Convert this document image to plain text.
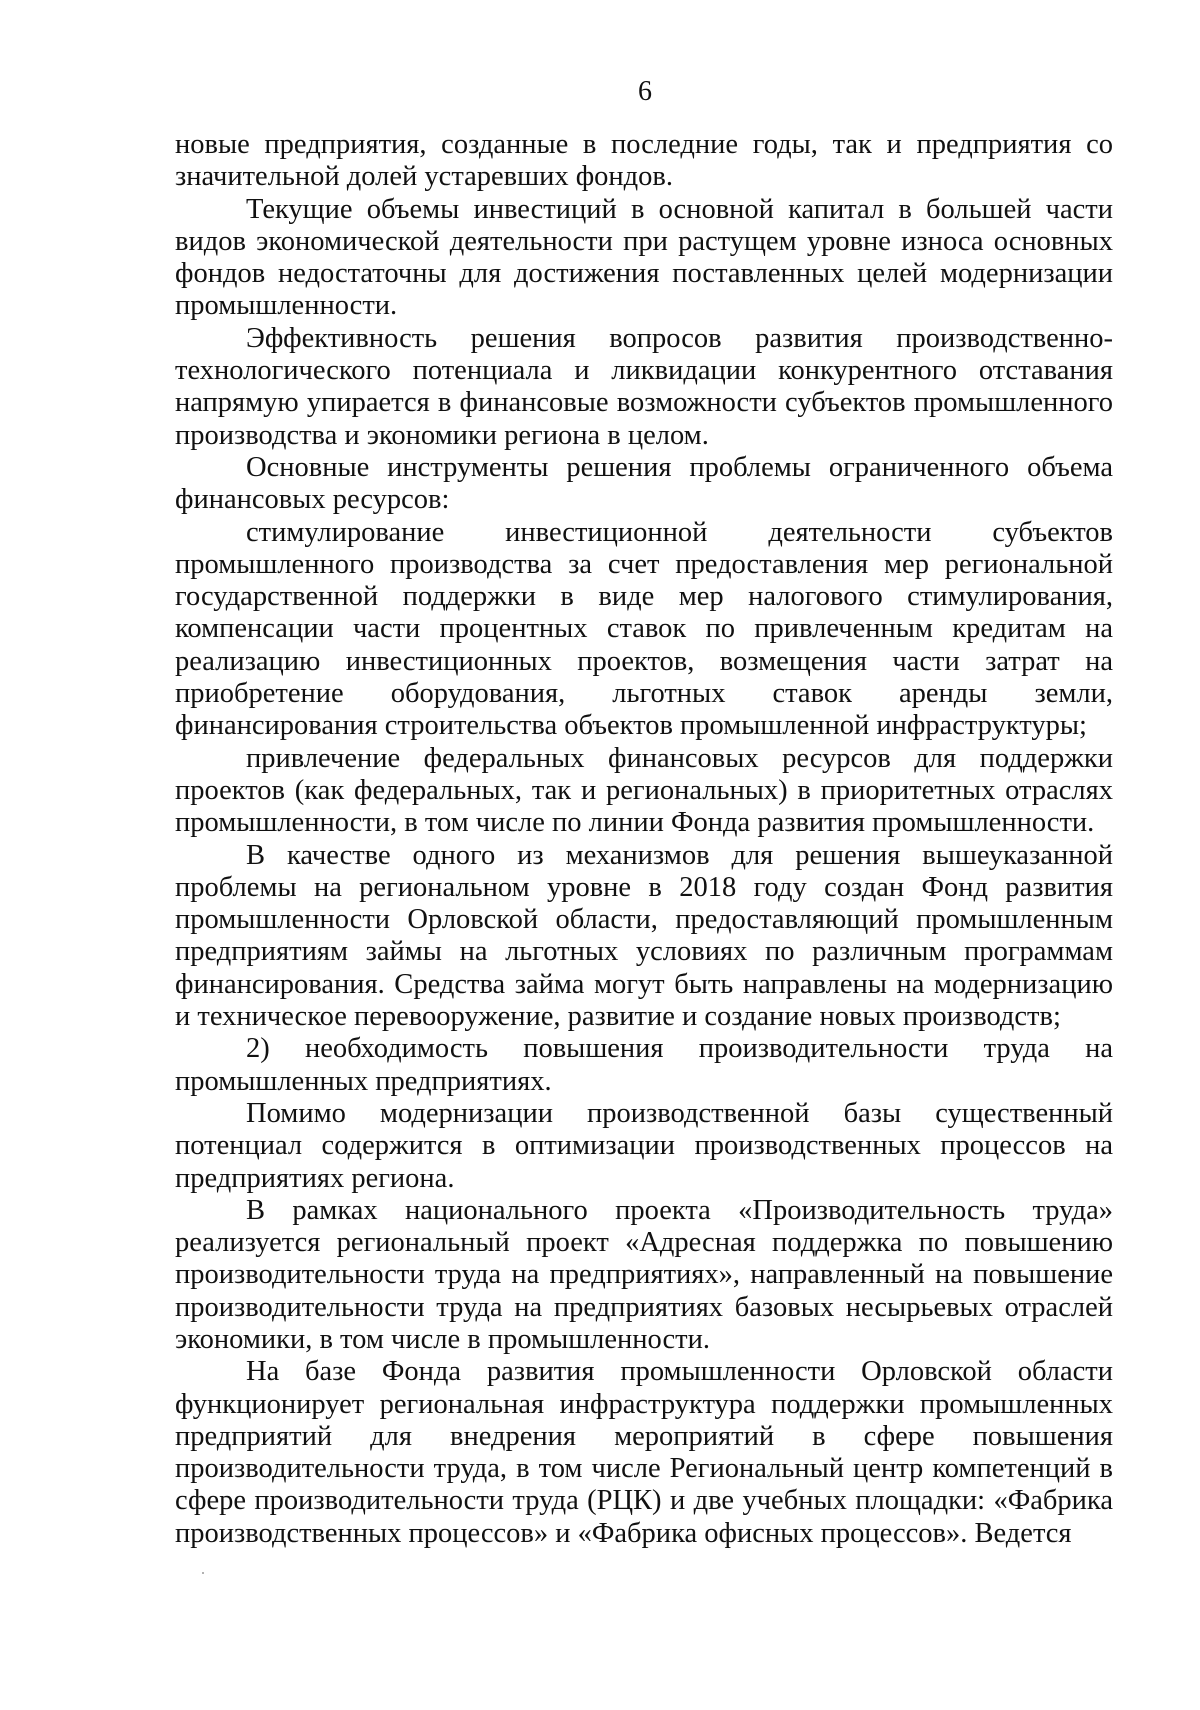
6

новые предприятия, созданные в последние годы, так и предприятия со значительной долей устаревших фондов.

Текущие объемы инвестиций в основной капитал в большей части видов экономической деятельности при растущем уровне износа основных фондов недостаточны для достижения поставленных целей модернизации промышленности.

Эффективность решения вопросов развития производственно-технологического потенциала и ликвидации конкурентного отставания напрямую упирается в финансовые возможности субъектов промышленного производства и экономики региона в целом.

Основные инструменты решения проблемы ограниченного объема финансовых ресурсов:

стимулирование инвестиционной деятельности субъектов промышленного производства за счет предоставления мер региональной государственной поддержки в виде мер налогового стимулирования, компенсации части процентных ставок по привлеченным кредитам на реализацию инвестиционных проектов, возмещения части затрат на приобретение оборудования, льготных ставок аренды земли, финансирования строительства объектов промышленной инфраструктуры;

привлечение федеральных финансовых ресурсов для поддержки проектов (как федеральных, так и региональных) в приоритетных отраслях промышленности, в том числе по линии Фонда развития промышленности.

В качестве одного из механизмов для решения вышеуказанной проблемы на региональном уровне в 2018 году создан Фонд развития промышленности Орловской области, предоставляющий промышленным предприятиям займы на льготных условиях по различным программам финансирования. Средства займа могут быть направлены на модернизацию и техническое перевооружение, развитие и создание новых производств;

2) необходимость повышения производительности труда на промышленных предприятиях.

Помимо модернизации производственной базы существенный потенциал содержится в оптимизации производственных процессов на предприятиях региона.

В рамках национального проекта «Производительность труда» реализуется региональный проект «Адресная поддержка по повышению производительности труда на предприятиях», направленный на повышение производительности труда на предприятиях базовых несырьевых отраслей экономики, в том числе в промышленности.

На базе Фонда развития промышленности Орловской области функционирует региональная инфраструктура поддержки промышленных предприятий для внедрения мероприятий в сфере повышения производительности труда, в том числе Региональный центр компетенций в сфере производительности труда (РЦК) и две учебных площадки: «Фабрика производственных процессов» и «Фабрика офисных процессов». Ведется
